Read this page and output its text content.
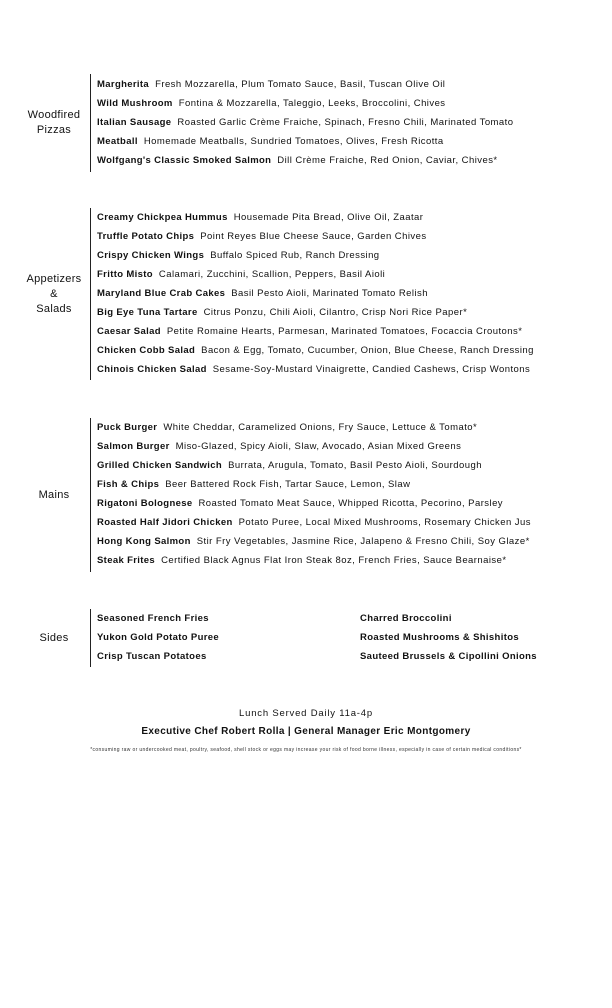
Woodfired
Pizzas
Margherita Fresh Mozzarella, Plum Tomato Sauce, Basil, Tuscan Olive Oil
Wild Mushroom Fontina & Mozzarella, Taleggio, Leeks, Broccolini, Chives
Italian Sausage Roasted Garlic Crème Fraiche, Spinach, Fresno Chili, Marinated Tomato
Meatball Homemade Meatballs, Sundried Tomatoes, Olives, Fresh Ricotta
Wolfgang's Classic Smoked Salmon Dill Crème Fraiche, Red Onion, Caviar, Chives*
Appetizers
&
Salads
Creamy Chickpea Hummus Housemade Pita Bread, Olive Oil, Zaatar
Truffle Potato Chips Point Reyes Blue Cheese Sauce, Garden Chives
Crispy Chicken Wings Buffalo Spiced Rub, Ranch Dressing
Fritto Misto Calamari, Zucchini, Scallion, Peppers, Basil Aioli
Maryland Blue Crab Cakes Basil Pesto Aioli, Marinated Tomato Relish
Big Eye Tuna Tartare Citrus Ponzu, Chili Aioli, Cilantro, Crisp Nori Rice Paper*
Caesar Salad Petite Romaine Hearts, Parmesan, Marinated Tomatoes, Focaccia Croutons*
Chicken Cobb Salad Bacon & Egg, Tomato, Cucumber, Onion, Blue Cheese, Ranch Dressing
Chinois Chicken Salad Sesame-Soy-Mustard Vinaigrette, Candied Cashews, Crisp Wontons
Mains
Puck Burger White Cheddar, Caramelized Onions, Fry Sauce, Lettuce & Tomato*
Salmon Burger Miso-Glazed, Spicy Aioli, Slaw, Avocado, Asian Mixed Greens
Grilled Chicken Sandwich Burrata, Arugula, Tomato, Basil Pesto Aioli, Sourdough
Fish & Chips Beer Battered Rock Fish, Tartar Sauce, Lemon, Slaw
Rigatoni Bolognese Roasted Tomato Meat Sauce, Whipped Ricotta, Pecorino, Parsley
Roasted Half Jidori Chicken Potato Puree, Local Mixed Mushrooms, Rosemary Chicken Jus
Hong Kong Salmon Stir Fry Vegetables, Jasmine Rice, Jalapeno & Fresno Chili, Soy Glaze*
Steak Frites Certified Black Agnus Flat Iron Steak 8oz, French Fries, Sauce Bearnaise*
Sides
Seasoned French Fries
Yukon Gold Potato Puree
Crisp Tuscan Potatoes
Charred Broccolini
Roasted Mushrooms & Shishitos
Sauteed Brussels & Cipollini Onions
Lunch Served Daily 11a-4p
Executive Chef Robert Rolla | General Manager Eric Montgomery
*consuming raw or undercooked meat, poultry, seafood, shell stock or eggs may increase your risk of food borne illness, especially in case of certain medical conditions*
